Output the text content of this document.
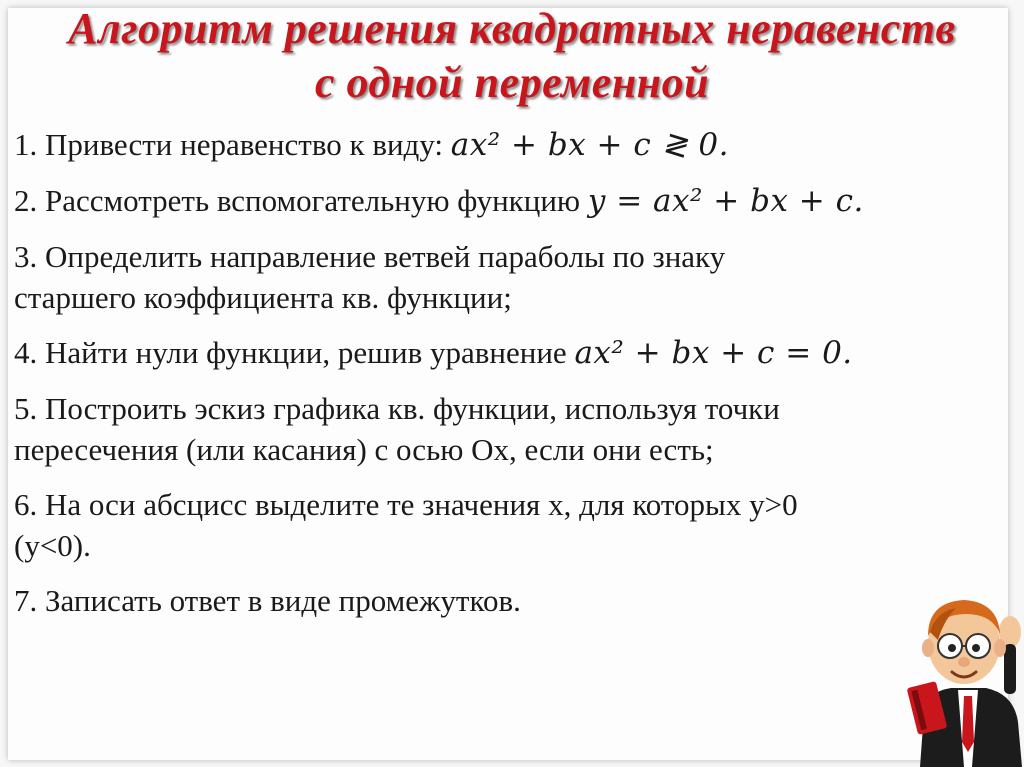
Алгоритм решения квадратных неравенств
с одной переменной
1. Привести неравенство к виду: ax² + bx + c ≷ 0.
2. Рассмотреть вспомогательную функцию y = ax² + bx + c.
3. Определить направление ветвей параболы по знаку
старшего коэффициента кв. функции;
4. Найти нули функции, решив уравнение ax² + bx + c = 0.
5. Построить эскиз графика кв. функции, используя точки
пересечения (или касания) с осью Ох, если они есть;
6. На оси абсцисс выделите те значения х, для которых у>0
(у<0).
7. Записать ответ в виде промежутков.
